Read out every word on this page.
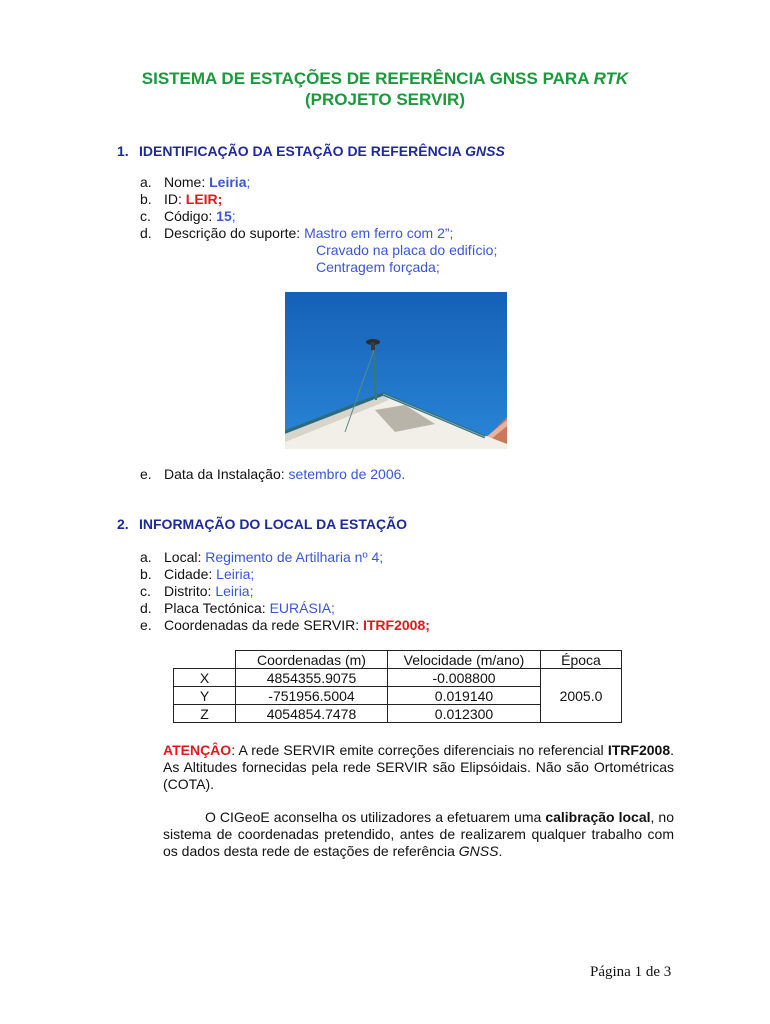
SISTEMA DE ESTAÇÕES DE REFERÊNCIA GNSS PARA RTK
(PROJETO SERVIR)
1. IDENTIFICAÇÃO DA ESTAÇÃO DE REFERÊNCIA GNSS
a. Nome: Leiria;
b. ID: LEIR;
c. Código: 15;
d. Descrição do suporte: Mastro em ferro com 2”;
Cravado na placa do edifício;
Centragem forçada;
e. Data da Instalação: setembro de 2006.
2. INFORMAÇÃO DO LOCAL DA ESTAÇÃO
a. Local: Regimento de Artilharia nº 4;
b. Cidade: Leiria;
c. Distrito: Leiria;
d. Placa Tectónica: EURÁSIA;
e. Coordenadas da rede SERVIR: ITRF2008;
	Coordenadas (m)	Velocidade (m/ano)	Época
X	4854355.9075	-0.008800	2005.0
Y	-751956.5004	0.019140	
Z	4054854.7478	0.012300	

ATENÇÂO: A rede SERVIR emite correções diferenciais no referencial ITRF2008. As Altitudes fornecidas pela rede SERVIR são Elipsóidais. Não são Ortométricas (COTA).

O CIGeoE aconselha os utilizadores a efetuarem uma calibração local, no sistema de coordenadas pretendido, antes de realizarem qualquer trabalho com os dados desta rede de estações de referência GNSS.

Página 1 de 3
